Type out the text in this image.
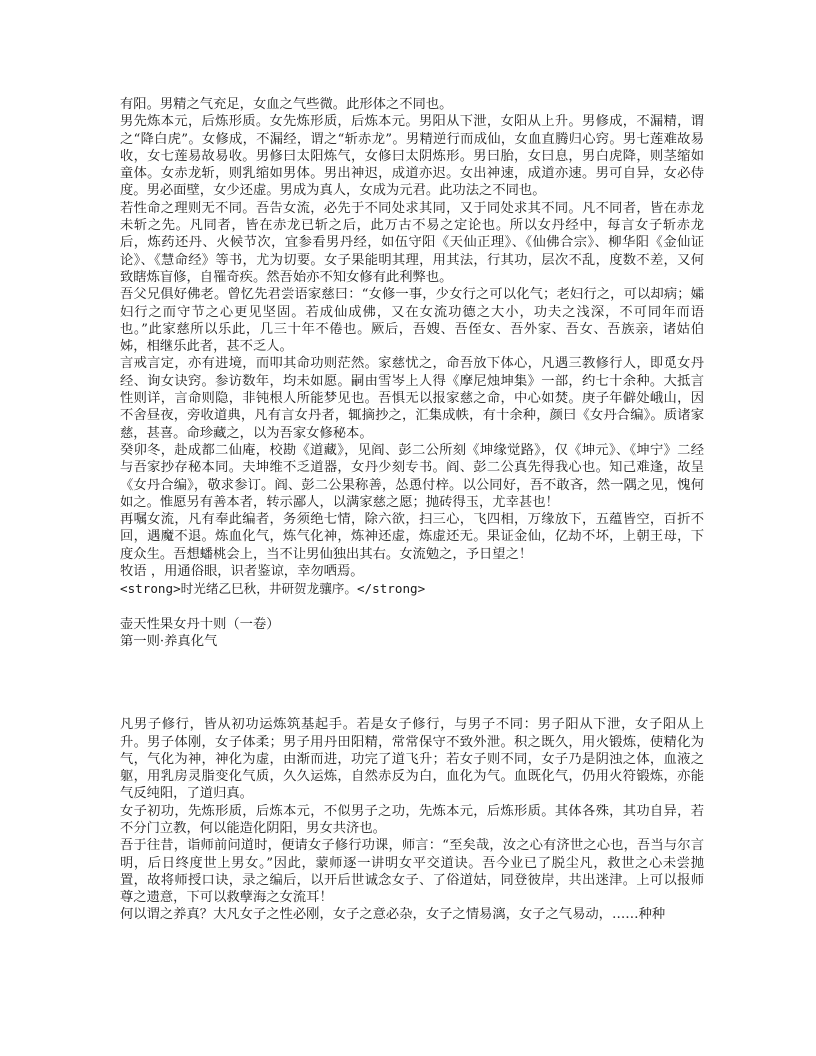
有阳。男精之气充足，女血之气些微。此形体之不同也。

男先炼本元，后炼形质。女先炼形质，后炼本元。男阳从下泄，女阳从上升。男修成，不漏精，谓之“降白虎”。女修成，不漏经，谓之“斩赤龙”。男精逆行而成仙，女血直腾归心窍。男七莲难故易收，女七莲易故易收。男修曰太阳炼气，女修曰太阴炼形。男曰胎，女曰息，男白虎降，则茎缩如童体。女赤龙斩，则乳缩如男体。男出神迟，成道亦迟。女出神速，成道亦速。男可自异，女必侍度。男必面壁，女少还虚。男成为真人，女成为元君。此功法之不同也。

若性命之理则无不同。吾告女流，必先于不同处求其同，又于同处求其不同。凡不同者，皆在赤龙未斩之先。凡同者，皆在赤龙已斩之后，此万古不易之定论也。所以女丹经中，每言女子斩赤龙后，炼药还丹、火候节次，宜参看男丹经，如伍守阳《天仙正理》、《仙佛合宗》、柳华阳《金仙证论》、《慧命经》等书，尤为切要。女子果能明其理，用其法，行其功，层次不乱，度数不差，又何致瞎炼盲修，自罹奇疾。然吾始亦不知女修有此利弊也。

吾父兄俱好佛老。曾忆先君尝语家慈曰：“女修一事，少女行之可以化气；老妇行之，可以却病；孀妇行之而守节之心更见坚固。若成仙成佛，又在女流功德之大小，功夫之浅深，不可同年而语也。”此家慈所以乐此，几三十年不倦也。厥后，吾嫂、吾侄女、吾外家、吾女、吾族亲，诸姑伯姊，相继乐此者，甚不乏人。

言戒言定，亦有进境，而叩其命功则茫然。家慈忧之，命吾放下体心，凡遇三教修行人，即觅女丹经、询女诀窍。参访数年，均未如愿。嗣由雪岑上人得《摩尼烛坤集》一部，约七十余种。大抵言性则详，言命则隐，非钝根人所能梦见也。吾惧无以报家慈之命，中心如焚。庚子年僻处峨山，因不舍昼夜，旁收道典，凡有言女丹者，辄摘抄之，汇集成帙，有十余种，颜曰《女丹合编》。质诸家慈，甚喜。命珍藏之，以为吾家女修秘本。

癸卯冬，赴成都二仙庵，校勘《道藏》，见阎、彭二公所刻《坤缘觉路》，仅《坤元》、《坤宁》二经与吾家抄存秘本同。夫坤维不乏道器，女丹少刻专书。阎、彭二公真先得我心也。知己难逢，故呈《女丹合编》，敬求参订。阎、彭二公果称善，怂恿付梓。以公同好，吾不敢吝，然一隅之见，愧何如之。惟愿另有善本者，转示鄙人，以满家慈之愿；抛砖得玉，尤幸甚也！

再嘱女流，凡有奉此编者，务须绝七情，除六欲，扫三心，飞四相，万缘放下，五蕴皆空，百折不回，遇魔不退。炼血化气，炼气化神，炼神还虚，炼虚还无。果证金仙，亿劫不坏，上朝王母，下度众生。吾想蟠桃会上，当不让男仙独出其右。女流勉之，予日望之！

牧语 ，用通俗眼，识者鉴谅，幸勿哂焉。

<strong>时光绪乙巳秋，井研贺龙骧序。</strong>

壶天性果女丹十则（一卷）

第一则·养真化气

凡男子修行，皆从初功运炼筑基起手。若是女子修行，与男子不同：男子阳从下泄，女子阳从上升。男子体刚，女子体柔；男子用丹田阳精，常常保守不致外泄。积之既久，用火锻炼，使精化为气，气化为神，神化为虚，由渐而进，功完了道飞升；若女子则不同，女子乃是阴浊之体，血液之躯，用乳房灵脂变化气质，久久运炼，自然赤反为白，血化为气。血既化气，仍用火符锻炼，亦能气反纯阳，了道归真。

女子初功，先炼形质，后炼本元，不似男子之功，先炼本元，后炼形质。其体各殊，其功自异，若不分门立教，何以能造化阴阳，男女共济也。

吾于往昔，诣师前问道时，便请女子修行功课，师言：“至矣哉，汝之心有济世之心也，吾当与尔言明，后日终度世上男女。”因此，蒙师逐一讲明女平交道诀。吾今业已了脱尘凡，救世之心未尝抛置，故将师授口诀，录之编后，以开后世诚念女子、了俗道姑，同登彼岸，共出迷津。上可以报师尊之遗意，下可以救孽海之女流耳！

何以谓之养真？大凡女子之性必刚，女子之意必杂，女子之情易漓，女子之气易动，……种种
